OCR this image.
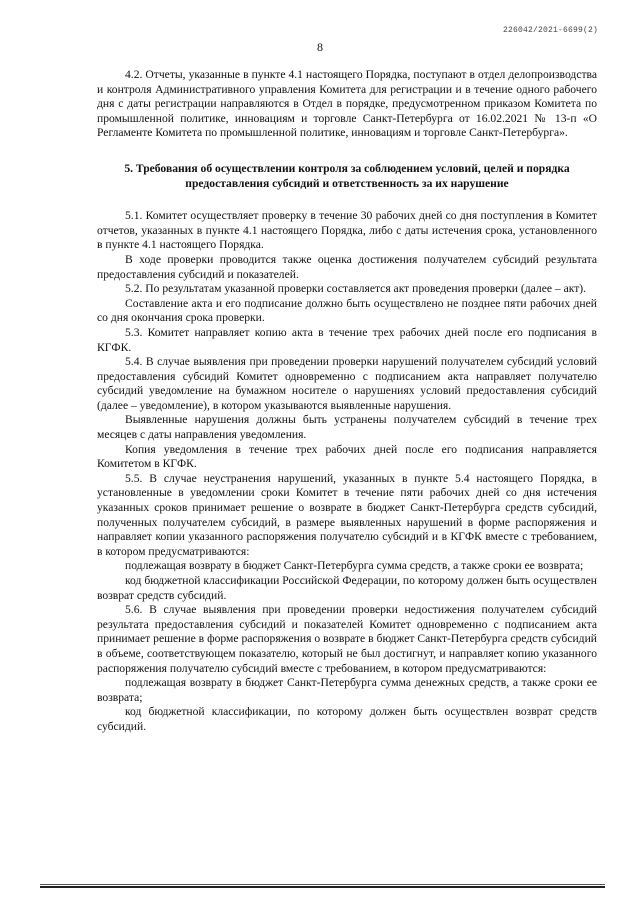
226042/2021-6699(2)
8

4.2. Отчеты, указанные в пункте 4.1 настоящего Порядка, поступают в отдел делопроизводства и контроля Административного управления Комитета для регистрации и в течение одного рабочего дня с даты регистрации направляются в Отдел в порядке, предусмотренном приказом Комитета по промышленной политике, инновациям и торговле Санкт-Петербурга от 16.02.2021 № 13-п «О Регламенте Комитета по промышленной политике, инновациям и торговле Санкт-Петербурга».

5. Требования об осуществлении контроля за соблюдением условий, целей и порядка предоставления субсидий и ответственность за их нарушение

5.1. Комитет осуществляет проверку в течение 30 рабочих дней со дня поступления в Комитет отчетов, указанных в пункте 4.1 настоящего Порядка, либо с даты истечения срока, установленного в пункте 4.1 настоящего Порядка.

В ходе проверки проводится также оценка достижения получателем субсидий результата предоставления субсидий и показателей.

5.2. По результатам указанной проверки составляется акт проведения проверки (далее – акт).

Составление акта и его подписание должно быть осуществлено не позднее пяти рабочих дней со дня окончания срока проверки.

5.3. Комитет направляет копию акта в течение трех рабочих дней после его подписания в КГФК.

5.4. В случае выявления при проведении проверки нарушений получателем субсидий условий предоставления субсидий Комитет одновременно с подписанием акта направляет получателю субсидий уведомление на бумажном носителе о нарушениях условий предоставления субсидий (далее – уведомление), в котором указываются выявленные нарушения.

Выявленные нарушения должны быть устранены получателем субсидий в течение трех месяцев с даты направления уведомления.

Копия уведомления в течение трех рабочих дней после его подписания направляется Комитетом в КГФК.

5.5. В случае неустранения нарушений, указанных в пункте 5.4 настоящего Порядка, в установленные в уведомлении сроки Комитет в течение пяти рабочих дней со дня истечения указанных сроков принимает решение о возврате в бюджет Санкт-Петербурга средств субсидий, полученных получателем субсидий, в размере выявленных нарушений в форме распоряжения и направляет копии указанного распоряжения получателю субсидий и в КГФК вместе с требованием, в котором предусматриваются:

подлежащая возврату в бюджет Санкт-Петербурга сумма средств, а также сроки ее возврата;

код бюджетной классификации Российской Федерации, по которому должен быть осуществлен возврат средств субсидий.

5.6. В случае выявления при проведении проверки недостижения получателем субсидий результата предоставления субсидий и показателей Комитет одновременно с подписанием акта принимает решение в форме распоряжения о возврате в бюджет Санкт-Петербурга средств субсидий в объеме, соответствующем показателю, который не был достигнут, и направляет копию указанного распоряжения получателю субсидий вместе с требованием, в котором предусматриваются:

подлежащая возврату в бюджет Санкт-Петербурга сумма денежных средств, а также сроки ее возврата;

код бюджетной классификации, по которому должен быть осуществлен возврат средств субсидий.
